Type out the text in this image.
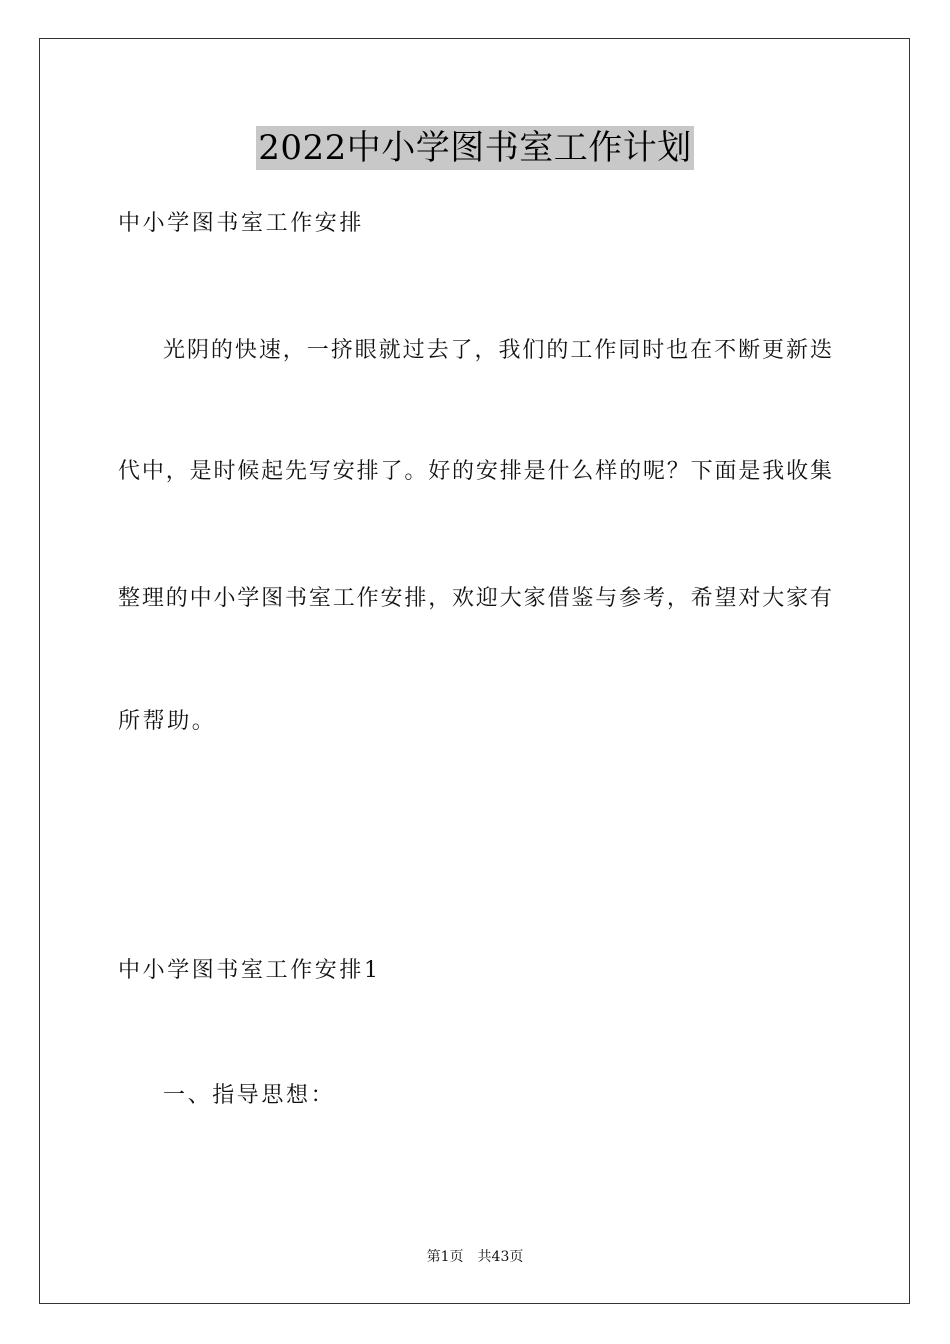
2022中小学图书室工作计划
中小学图书室工作安排
光阴的快速，一挤眼就过去了，我们的工作同时也在不断更新迭
代中，是时候起先写安排了。好的安排是什么样的呢？下面是我收集
整理的中小学图书室工作安排，欢迎大家借鉴与参考，希望对大家有
所帮助。
中小学图书室工作安排1
一、指导思想：
第1页 共43页
